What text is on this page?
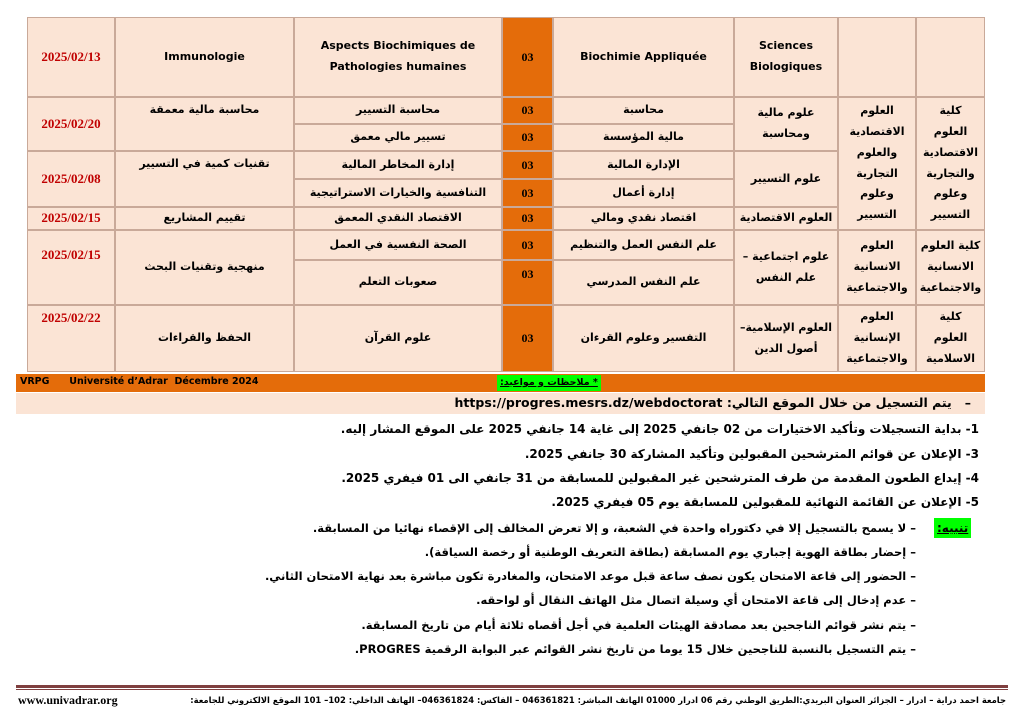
Sciences Biologiques
Biochimie Appliquée
03
Aspects Biochimiques de Pathologies humaines
Immunologie
2025/02/13
كلية العلوم الاقتصادية والتجارية وعلوم التسيير
العلوم الاقتصادية والعلوم التجارية وعلوم التسيير
علوم مالية ومحاسبة
محاسبة
03
محاسبة التسيير
مالية المؤسسة
03
تسيير مالي معمق
محاسبة مالية معمقة
2025/02/20
علوم التسيير
الإدارة المالية
03
إدارة المخاطر المالية
إدارة أعمال
03
التنافسية والخيارات الاستراتيجية
تقنيات كمية في التسيير
2025/02/08
العلوم الاقتصادية
اقتصاد نقدي ومالي
03
الاقتصاد النقدي المعمق
تقييم المشاريع
2025/02/15
كلية العلوم الانسانية والاجتماعية
العلوم الانسانية والاجتماعية
علوم اجتماعية – علم النفس
علم النفس العمل والتنظيم
03
الصحة النفسية في العمل
علم النفس المدرسي
03
صعوبات التعلم
منهجية وتقنيات البحث
2025/02/15
كلية العلوم الاسلامية
العلوم الإنسانية والاجتماعية
العلوم الإسلامية– أصول الدين
التفسير وعلوم القرءان
03
علوم القرآن
الحفظ والقراءات
2025/02/22
VRPG      Université d’Adrar  Décembre 2024	* ملاحظات و مواعيد:
–   يتم التسجيل من خلال الموقع التالي: https://progres.mesrs.dz/webdoctorat
1- بداية التسجيلات وتأكيد الاختيارات من 02 جانفي 2025 إلى غاية 14 جانفي 2025 على الموقع المشار إليه.
3- الإعلان عن قوائم المترشحين المقبولين وتأكيد المشاركة 30 جانفي 2025.
4- إيداع الطعون المقدمة من طرف المترشحين غير المقبولين للمسابقة من 31 جانفي الى 01 فيفري 2025.
5- الإعلان عن القائمة النهائية للمقبولين للمسابقة يوم 05 فيفري 2025.
تنبيه:
– لا يسمح بالتسجيل إلا في دكتوراه واحدة في الشعبة، و إلا تعرض المخالف إلى الإقصاء نهائيا من المسابقة.
– إحضار بطاقة الهوية إجباري يوم المسابقة (بطاقة التعريف الوطنية أو رخصة السياقة).
– الحضور إلى قاعة الامتحان يكون نصف ساعة قبل موعد الامتحان، والمغادرة تكون مباشرة بعد نهاية الامتحان الثاني.
– عدم إدخال إلى قاعة الامتحان أي وسيلة اتصال مثل الهاتف النقال أو لواحقه.
– يتم نشر قوائم الناجحين بعد مصادقة الهيئات العلمية في أجل أقصاه ثلاثة أيام من تاريخ المسابقة.
– يتم التسجيل بالنسبة للناجحين خلال 15 يوما من تاريخ نشر القوائم عبر البوابة الرقمية PROGRES.
www.univadrar.org	جامعة احمد دراية – ادرار – الجزائر العنوان البريدي:الطريق الوطني رقم 06 ادرار 01000 الهاتف المباشر: 046361821 – الفاكس: 046361824– الهاتف الداخلي: 102– 101 الموقع الالكتروني للجامعة:
